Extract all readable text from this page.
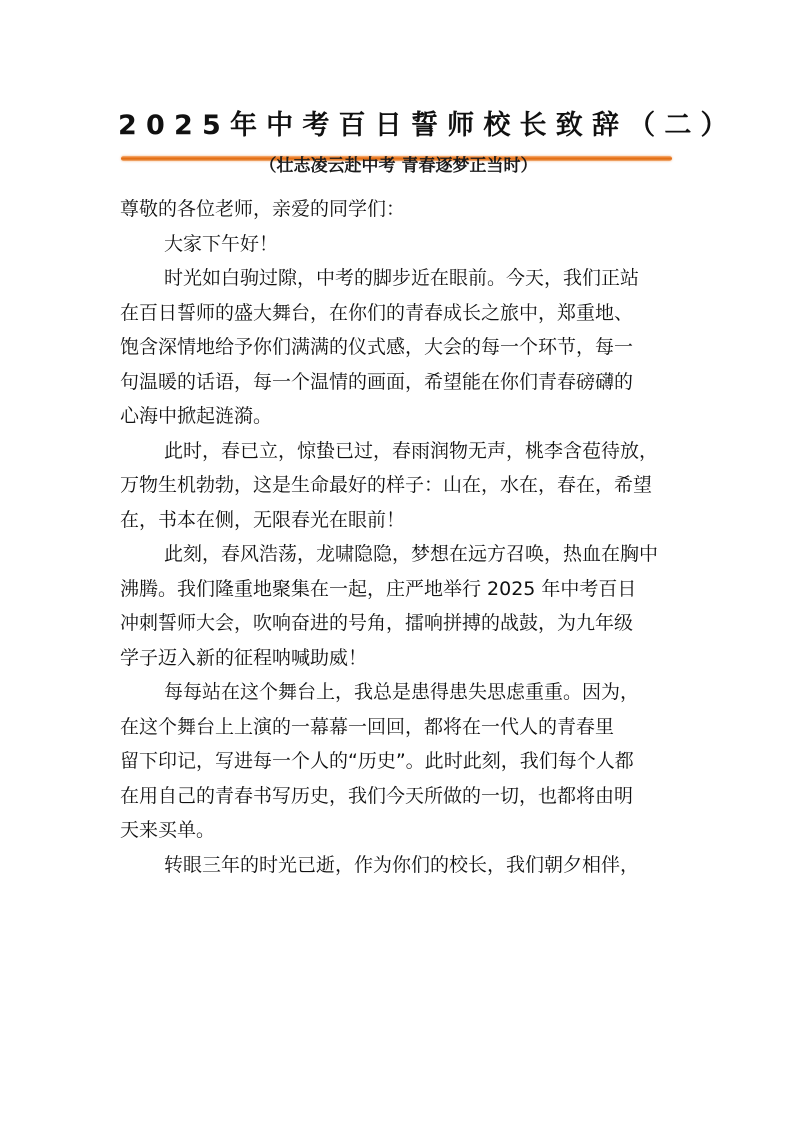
2025年中考百日誓师校长致辞（二）
（壮志凌云赴中考 青春逐梦正当时）

尊敬的各位老师，亲爱的同学们：

大家下午好！

时光如白驹过隙，中考的脚步近在眼前。今天，我们正站
在百日誓师的盛大舞台，在你们的青春成长之旅中，郑重地、
饱含深情地给予你们满满的仪式感，大会的每一个环节，每一
句温暖的话语，每一个温情的画面，希望能在你们青春磅礴的
心海中掀起涟漪。

此时，春已立，惊蛰已过，春雨润物无声，桃李含苞待放，
万物生机勃勃，这是生命最好的样子：山在，水在，春在，希望
在，书本在侧，无限春光在眼前！

此刻，春风浩荡，龙啸隐隐，梦想在远方召唤，热血在胸中
沸腾。我们隆重地聚集在一起，庄严地举行 2025 年中考百日
冲刺誓师大会，吹响奋进的号角，擂响拼搏的战鼓，为九年级
学子迈入新的征程呐喊助威！

每每站在这个舞台上，我总是患得患失思虑重重。因为，
在这个舞台上上演的一幕幕一回回，都将在一代人的青春里
留下印记，写进每一个人的“历史”。此时此刻，我们每个人都
在用自己的青春书写历史，我们今天所做的一切，也都将由明
天来买单。

转眼三年的时光已逝，作为你们的校长，我们朝夕相伴，
